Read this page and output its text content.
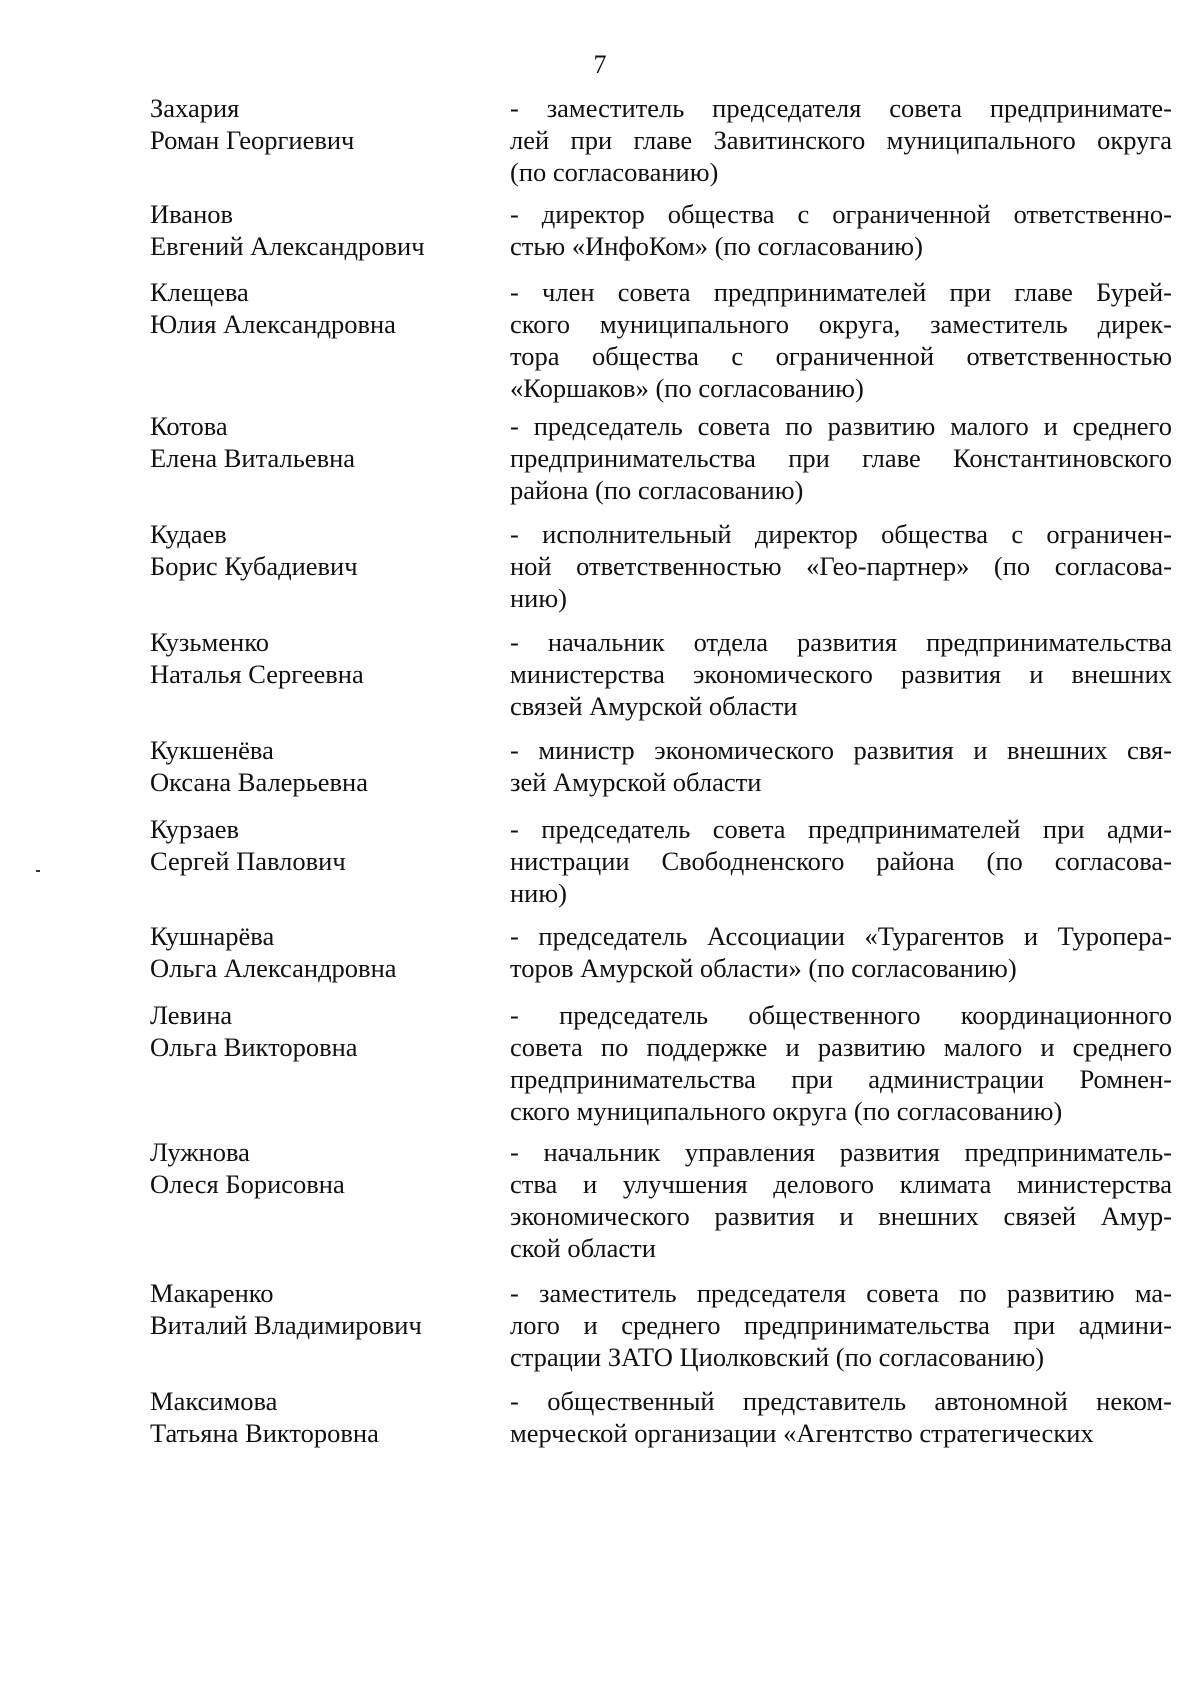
7
Захария
Роман Георгиевич

- заместитель председателя совета предпринимате-

лей при главе Завитинского муниципального округа

(по согласованию)

Иванов
Евгений Александрович

- директор общества с ограниченной ответственно-

стью «ИнфоКом» (по согласованию)

Клещева
Юлия Александровна

- член совета предпринимателей при главе Бурей-

ского муниципального округа, заместитель дирек-

тора общества с ограниченной ответственностью

«Коршаков» (по согласованию)

Котова
Елена Витальевна

- председатель совета по развитию малого и среднего

предпринимательства при главе Константиновского

района (по согласованию)

Кудаев
Борис Кубадиевич

- исполнительный директор общества с ограничен-

ной ответственностью «Гео-партнер» (по согласова-

нию)

Кузьменко
Наталья Сергеевна

- начальник отдела развития предпринимательства

министерства экономического развития и внешних

связей Амурской области

Кукшенёва
Оксана Валерьевна

- министр экономического развития и внешних свя-

зей Амурской области

Курзаев
Сергей Павлович

- председатель совета предпринимателей при адми-

нистрации Свободненского района (по согласова-

нию)

Кушнарёва
Ольга Александровна

- председатель Ассоциации «Турагентов и Туропера-

торов Амурской области» (по согласованию)

Левина
Ольга Викторовна

- председатель общественного координационного

совета по поддержке и развитию малого и среднего

предпринимательства при администрации Ромнен-

ского муниципального округа (по согласованию)

Лужнова
Олеся Борисовна

- начальник управления развития предприниматель-

ства и улучшения делового климата министерства

экономического развития и внешних связей Амур-

ской области

Макаренко
Виталий Владимирович

- заместитель председателя совета по развитию ма-

лого и среднего предпринимательства при админи-

страции ЗАТО Циолковский (по согласованию)

Максимова
Татьяна Викторовна

- общественный представитель автономной неком-

мерческой организации «Агентство стратегических
